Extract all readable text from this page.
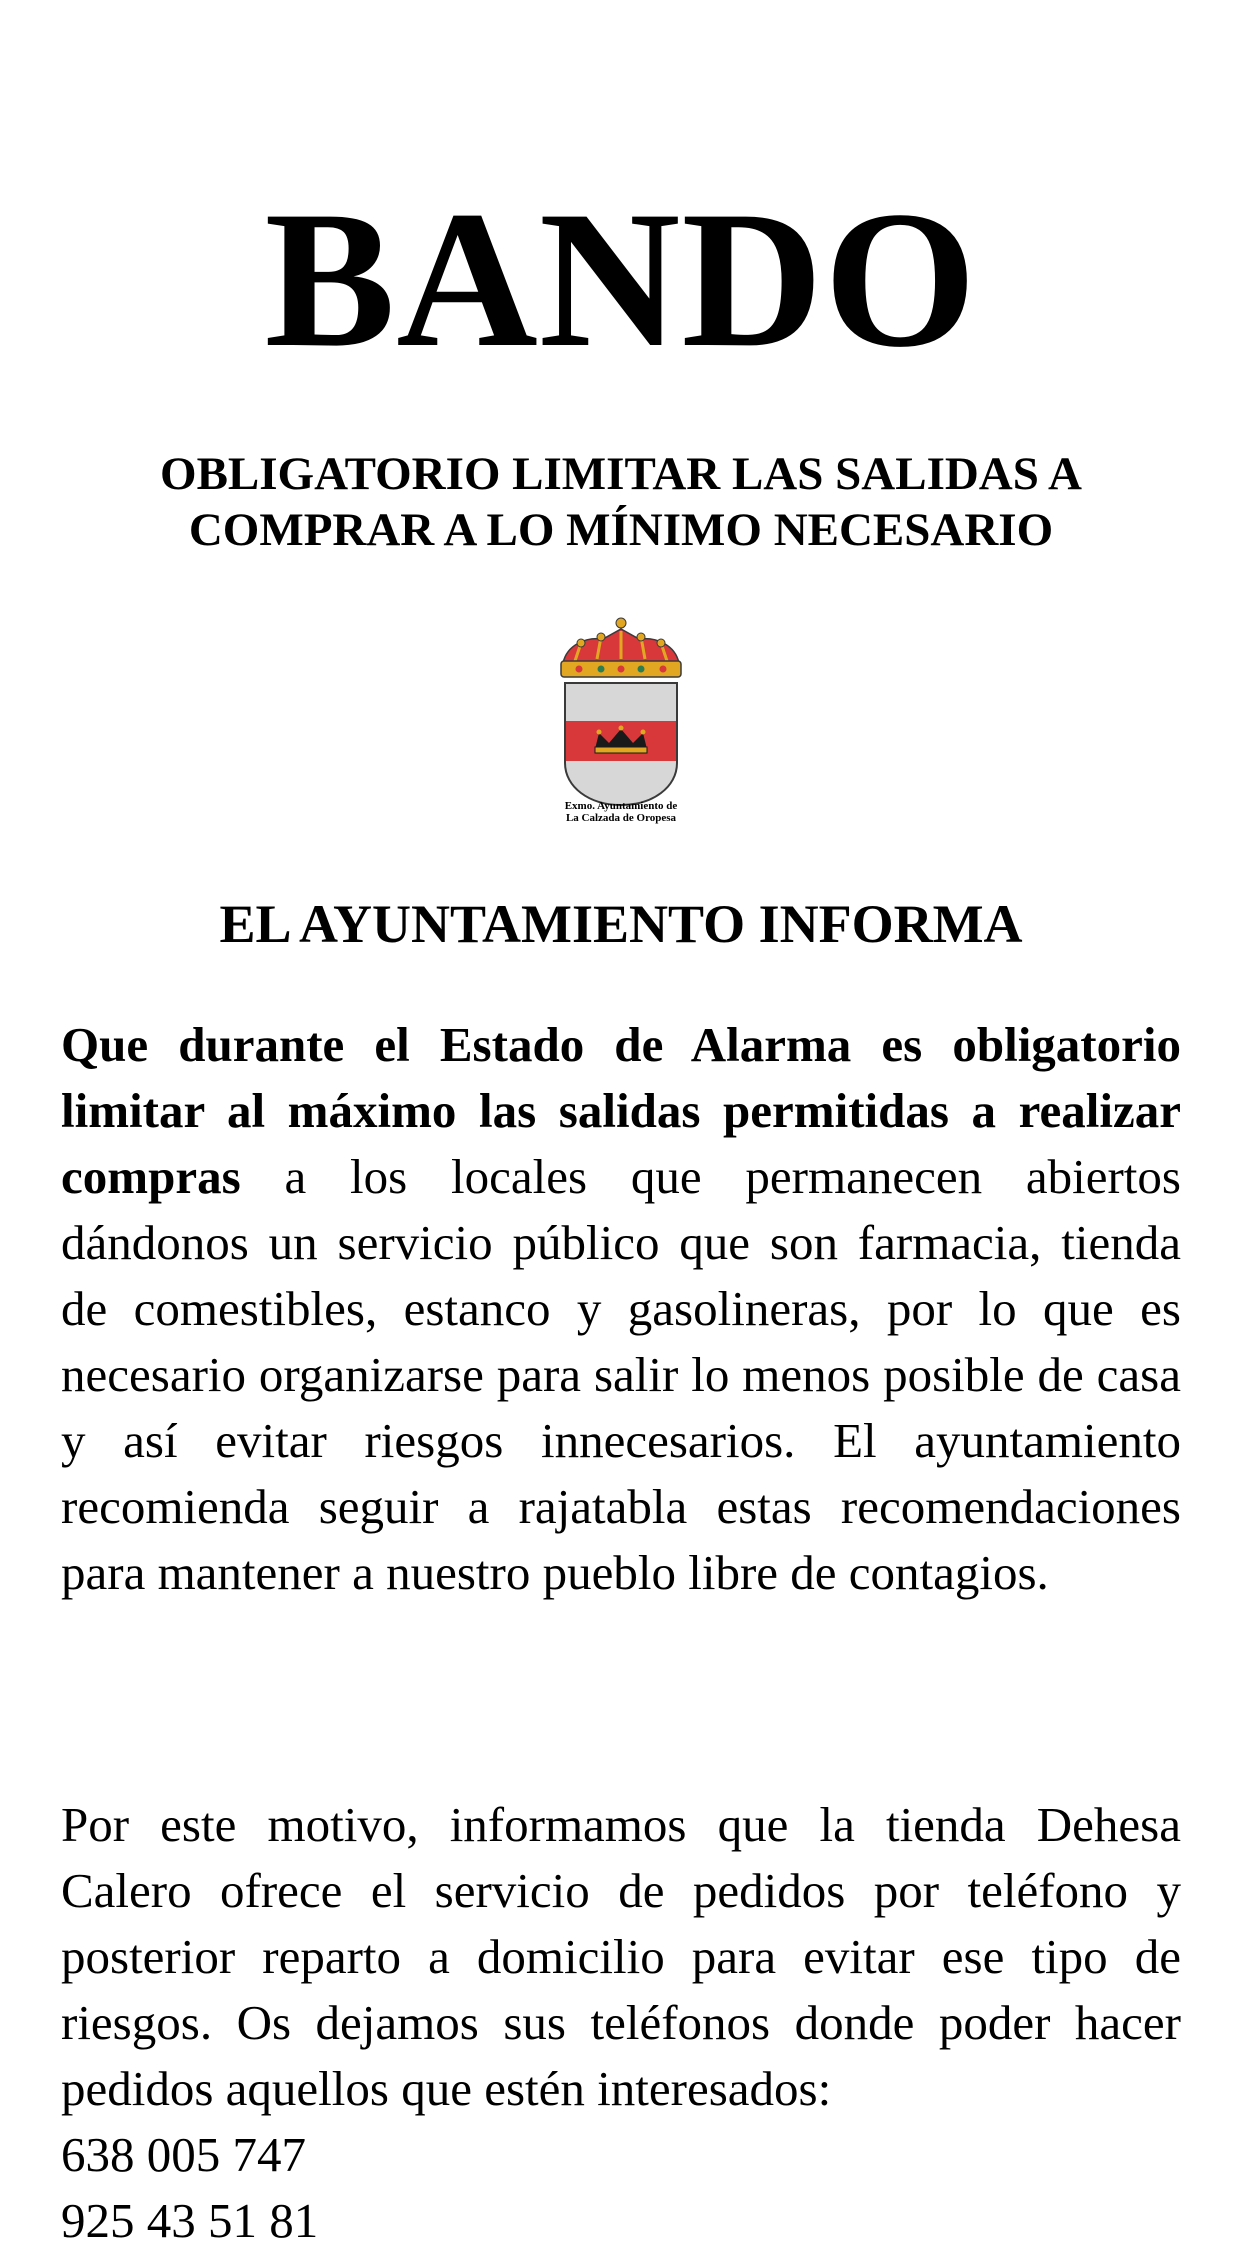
BANDO
OBLIGATORIO LIMITAR LAS SALIDAS A
COMPRAR A LO MÍNIMO NECESARIO
Exmo. Ayuntamiento de
La Calzada de Oropesa
EL AYUNTAMIENTO INFORMA
Que durante el Estado de Alarma es obligatorio limitar al máximo las salidas permitidas a realizar compras a los locales que permanecen abiertos dándonos un servicio público que son farmacia, tienda de comestibles, estanco y gasolineras, por lo que es necesario organizarse para salir lo menos posible de casa y así evitar riesgos innecesarios. El ayuntamiento recomienda seguir a rajatabla estas recomendaciones para mantener a nuestro pueblo libre de contagios.
Por este motivo, informamos que la tienda Dehesa Calero ofrece el servicio de pedidos por teléfono y posterior reparto a domicilio para evitar ese tipo de riesgos. Os dejamos sus teléfonos donde poder hacer pedidos aquellos que estén interesados:
638 005 747
925 43 51 81
